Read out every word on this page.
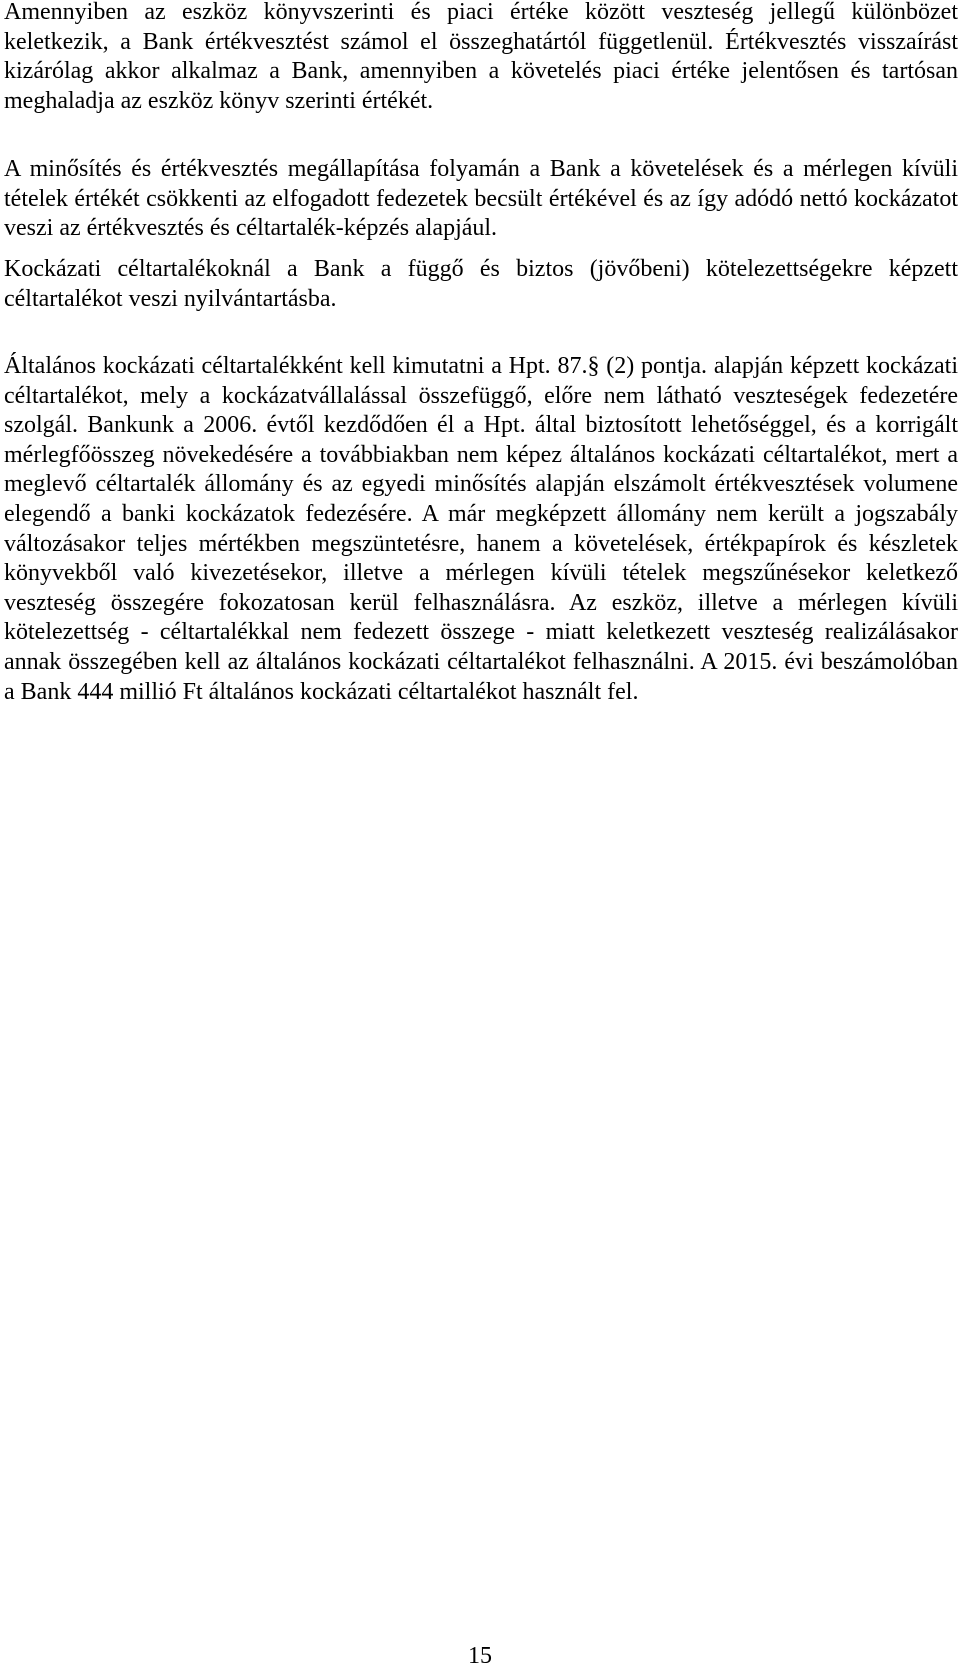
Amennyiben az eszköz könyvszerinti és piaci értéke között veszteség jellegű különbözet keletkezik, a Bank értékvesztést számol el összeghatártól függetlenül. Értékvesztés visszaírást kizárólag akkor alkalmaz a Bank, amennyiben a követelés piaci értéke jelentősen és tartósan meghaladja az eszköz könyv szerinti értékét.

A minősítés és értékvesztés megállapítása folyamán a Bank a követelések és a mérlegen kívüli tételek értékét csökkenti az elfogadott fedezetek becsült értékével és az így adódó nettó kockázatot veszi az értékvesztés és céltartalék-képzés alapjául.

Kockázati céltartalékoknál a Bank a függő és biztos (jövőbeni) kötelezettségekre képzett céltartalékot veszi nyilvántartásba.

Általános kockázati céltartalékként kell kimutatni a Hpt. 87.§ (2) pontja. alapján képzett kockázati céltartalékot, mely a kockázatvállalással összefüggő, előre nem látható veszteségek fedezetére szolgál. Bankunk a 2006. évtől kezdődően él a Hpt. által biztosított lehetőséggel, és a korrigált mérlegfőösszeg növekedésére a továbbiakban nem képez általános kockázati céltartalékot, mert a meglevő céltartalék állomány és az egyedi minősítés alapján elszámolt értékvesztések volumene elegendő a banki kockázatok fedezésére. A már megképzett állomány nem került a jogszabály változásakor teljes mértékben megszüntetésre, hanem a követelések, értékpapírok és készletek könyvekből való kivezetésekor, illetve a mérlegen kívüli tételek megszűnésekor keletkező veszteség összegére fokozatosan kerül felhasználásra. Az eszköz, illetve a mérlegen kívüli kötelezettség - céltartalékkal nem fedezett összege - miatt keletkezett veszteség realizálásakor annak összegében kell az általános kockázati céltartalékot felhasználni. A 2015. évi beszámolóban a Bank 444 millió Ft általános kockázati céltartalékot használt fel.

15
